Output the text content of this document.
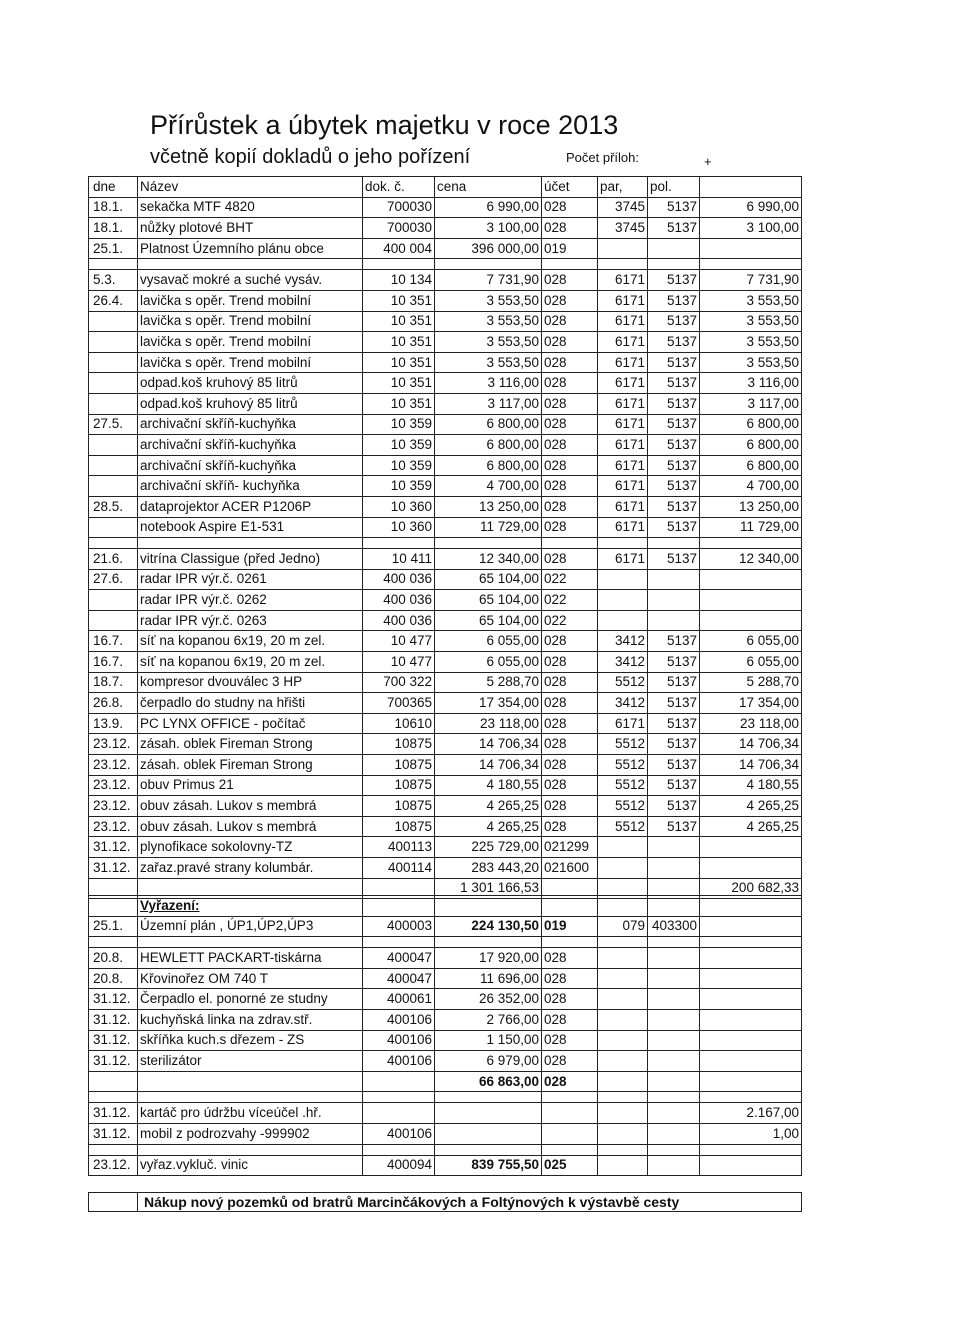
Přírůstek a úbytek majetku v roce 2013
včetně kopií dokladů o jeho pořízení	Počet příloh:	+
dne	Název	dok. č.	cena	účet	par,	pol.	
18.1.	sekačka MTF 4820	700030	6 990,00	028	3745	5137	6 990,00
18.1.	nůžky plotové BHT	700030	3 100,00	028	3745	5137	3 100,00
25.1.	Platnost Územního plánu obce	400 004	396 000,00	019			

5.3.	vysavač mokré a suché vysáv.	10 134	7 731,90	028	6171	5137	7 731,90
26.4.	lavička s opěr. Trend mobilní	10 351	3 553,50	028	6171	5137	3 553,50
	lavička s opěr. Trend mobilní	10 351	3 553,50	028	6171	5137	3 553,50
	lavička s opěr. Trend mobilní	10 351	3 553,50	028	6171	5137	3 553,50
	lavička s opěr. Trend mobilní	10 351	3 553,50	028	6171	5137	3 553,50
	odpad.koš kruhový 85 litrů	10 351	3 116,00	028	6171	5137	3 116,00
	odpad.koš kruhový 85 litrů	10 351	3 117,00	028	6171	5137	3 117,00
27.5.	archivační skříň-kuchyňka	10 359	6 800,00	028	6171	5137	6 800,00
	archivační skříň-kuchyňka	10 359	6 800,00	028	6171	5137	6 800,00
	archivační skříň-kuchyňka	10 359	6 800,00	028	6171	5137	6 800,00
	archivační skříň- kuchyňka	10 359	4 700,00	028	6171	5137	4 700,00
28.5.	dataprojektor ACER P1206P	10 360	13 250,00	028	6171	5137	13 250,00
	notebook Aspire E1-531	10 360	11 729,00	028	6171	5137	11 729,00

21.6.	vitrína Classigue (před Jedno)	10 411	12 340,00	028	6171	5137	12 340,00
27.6.	radar IPR výr.č. 0261	400 036	65 104,00	022			
	radar IPR výr.č. 0262	400 036	65 104,00	022			
	radar IPR výr.č. 0263	400 036	65 104,00	022			
16.7.	síť na kopanou 6x19, 20 m zel.	10 477	6 055,00	028	3412	5137	6 055,00
16.7.	síť na kopanou 6x19, 20 m zel.	10 477	6 055,00	028	3412	5137	6 055,00
18.7.	kompresor dvouválec 3 HP	700 322	5 288,70	028	5512	5137	5 288,70
26.8.	čerpadlo do studny na hřišti	700365	17 354,00	028	3412	5137	17 354,00
13.9.	PC LYNX OFFICE - počítač	10610	23 118,00	028	6171	5137	23 118,00
23.12.	zásah. oblek Fireman Strong	10875	14 706,34	028	5512	5137	14 706,34
23.12.	zásah. oblek Fireman Strong	10875	14 706,34	028	5512	5137	14 706,34
23.12.	obuv Primus 21	10875	4 180,55	028	5512	5137	4 180,55
23.12.	obuv zásah. Lukov s membrá	10875	4 265,25	028	5512	5137	4 265,25
23.12.	obuv zásah. Lukov s membrá	10875	4 265,25	028	5512	5137	4 265,25
31.12.	plynofikace sokolovny-TZ	400113	225 729,00	021299			
31.12.	zařaz.pravé strany kolumbár.	400114	283 443,20	021600			
			1 301 166,53				200 682,33
	Vyřazení:						
25.1.	Územní plán , ÚP1,ÚP2,ÚP3	400003	224 130,50	019	079	403300	

20.8.	HEWLETT PACKART-tiskárna	400047	17 920,00	028			
20.8.	Křovinořez OM 740 T	400047	11 696,00	028			
31.12.	Čerpadlo el. ponorné ze studny	400061	26 352,00	028			
31.12.	kuchyňská linka na zdrav.stř.	400106	2 766,00	028			
31.12.	skříňka kuch.s dřezem - ZS	400106	1 150,00	028			
31.12.	sterilizátor	400106	6 979,00	028			
			66 863,00	028			

31.12.	kartáč pro údržbu víceúčel .hř.						2.167,00
31.12.	mobil z podrozvahy -999902	400106					1,00

23.12.	vyřaz.vykluč. vinic	400094	839 755,50	025			
Nákup nový pozemků od bratrů Marcinčákových a Foltýnových k výstavbě cesty
